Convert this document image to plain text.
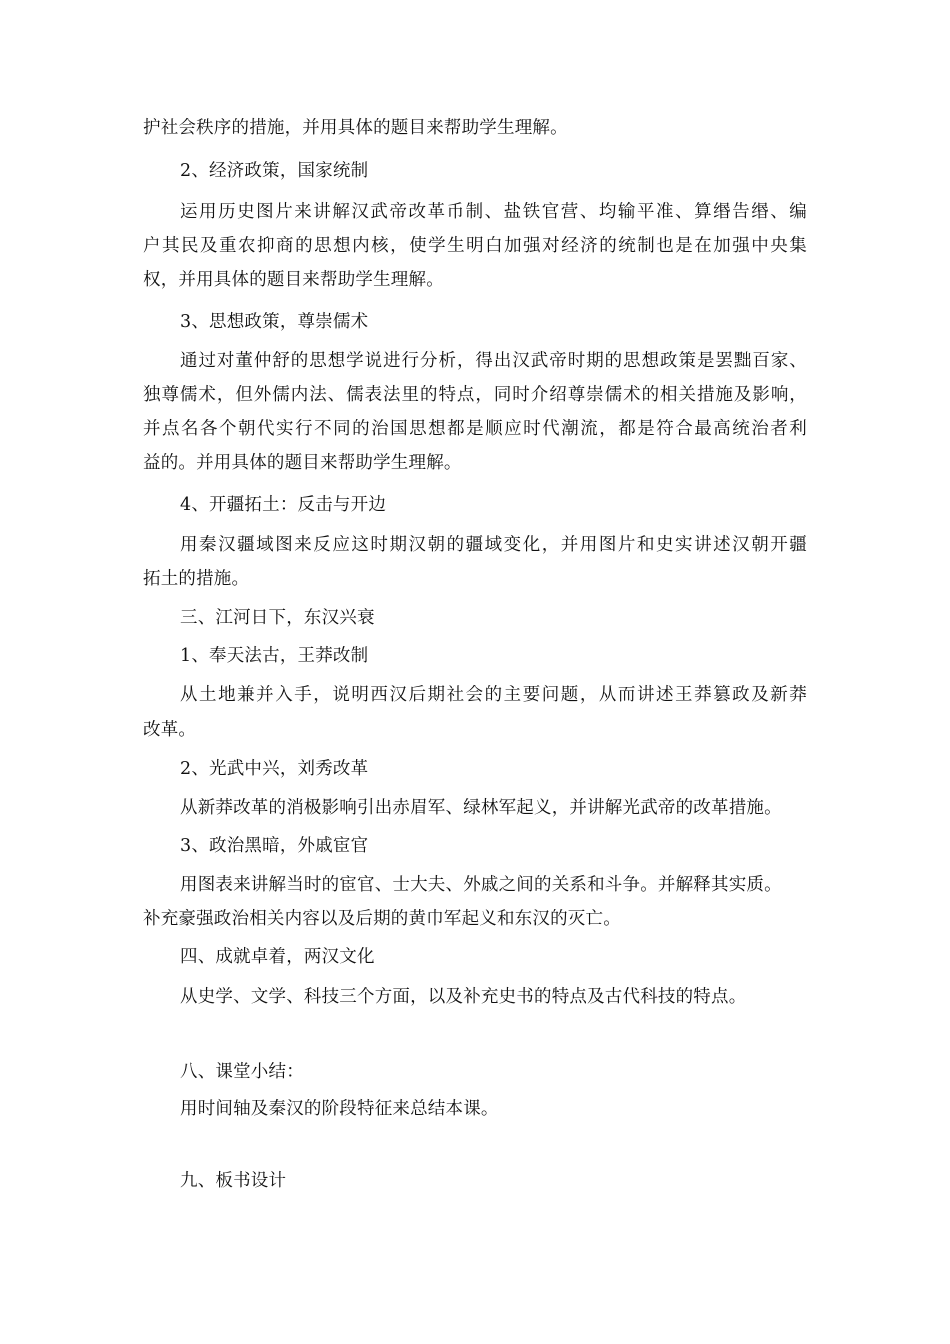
护社会秩序的措施，并用具体的题目来帮助学生理解。
2、经济政策，国家统制
运用历史图片来讲解汉武帝改革币制、盐铁官营、均输平准、算缗告缗、编
户其民及重农抑商的思想内核，使学生明白加强对经济的统制也是在加强中央集
权，并用具体的题目来帮助学生理解。
3、思想政策，尊崇儒术
通过对董仲舒的思想学说进行分析，得出汉武帝时期的思想政策是罢黜百家、
独尊儒术，但外儒内法、儒表法里的特点，同时介绍尊崇儒术的相关措施及影响，
并点名各个朝代实行不同的治国思想都是顺应时代潮流，都是符合最高统治者利
益的。并用具体的题目来帮助学生理解。
4、开疆拓土：反击与开边
用秦汉疆域图来反应这时期汉朝的疆域变化，并用图片和史实讲述汉朝开疆
拓土的措施。
三、江河日下，东汉兴衰
1、奉天法古，王莽改制
从土地兼并入手，说明西汉后期社会的主要问题，从而讲述王莽篡政及新莽
改革。
2、光武中兴，刘秀改革
从新莽改革的消极影响引出赤眉军、绿林军起义，并讲解光武帝的改革措施。
3、政治黑暗，外戚宦官
用图表来讲解当时的宦官、士大夫、外戚之间的关系和斗争。并解释其实质。
补充豪强政治相关内容以及后期的黄巾军起义和东汉的灭亡。
四、成就卓着，两汉文化
从史学、文学、科技三个方面，以及补充史书的特点及古代科技的特点。
八、课堂小结：
用时间轴及秦汉的阶段特征来总结本课。
九、板书设计
